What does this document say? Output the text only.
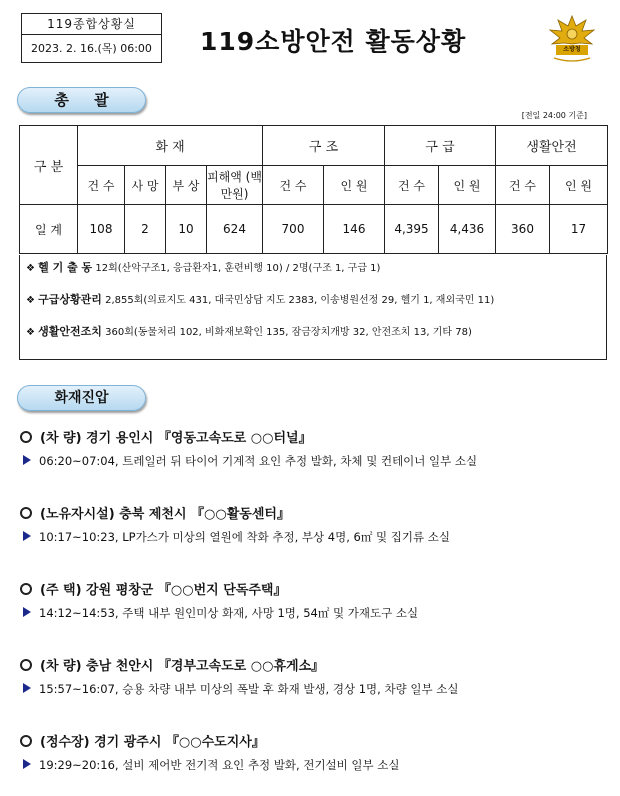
119종합상황실
2023. 2. 16.(목) 06:00	119소방안전 활동상황	소방청
총 괄
[전일 24:00 기준]
구 분	화 재				구 조		구 급		생활안전	
	건 수	사 망	부 상	피해액 (백만원)	건 수	인 원	건 수	인 원	건 수	인 원
일 계	108	2	10	624	700	146	4,395	4,436	360	17
❖ 헬 기 출 동 12회(산악구조1, 응급환자1, 훈련비행 10) / 2명(구조 1, 구급 1)
❖ 구급상황관리 2,855회(의료지도 431, 대국민상담 지도 2383, 이송병원선정 29, 헬기 1, 재외국민 11)
❖ 생활안전조치 360회(동물처리 102, 비화재보확인 135, 잠금장치개방 32, 안전조치 13, 기타 78)
화재진압
(차 량) 경기 용인시 『영동고속도로 ○○터널』
06:20~07:04, 트레일러 뒤 타이어 기계적 요인 추정 발화, 차체 및 컨테이너 일부 소실
(노유자시설) 충북 제천시 『○○활동센터』
10:17~10:23, LP가스가 미상의 열원에 착화 추정, 부상 4명, 6㎡ 및 집기류 소실
(주 택) 강원 평창군 『○○번지 단독주택』
14:12~14:53, 주택 내부 원인미상 화재, 사망 1명, 54㎡ 및 가재도구 소실
(차 량) 충남 천안시 『경부고속도로 ○○휴게소』
15:57~16:07, 승용 차량 내부 미상의 폭발 후 화재 발생, 경상 1명, 차량 일부 소실
(정수장) 경기 광주시 『○○수도지사』
19:29~20:16, 설비 제어반 전기적 요인 추정 발화, 전기설비 일부 소실
